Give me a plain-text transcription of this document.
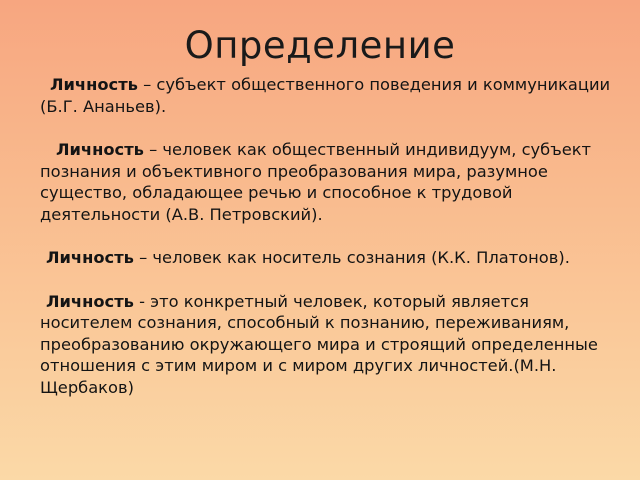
Определение

Личность – субъект общественного поведения и коммуникации (Б.Г. Ананьев).

Личность – человек как общественный индивидуум, субъект познания и объективного преобразования мира, разумное существо, обладающее речью и способное к трудовой деятельности (А.В. Петровский).

Личность – человек как носитель сознания (К.К. Платонов).

Личность - это конкретный человек, который является носителем сознания, способный к познанию, переживаниям, преобразованию окружающего мира и строящий определенные отношения с этим миром и с миром других личностей.(М.Н. Щербаков)
